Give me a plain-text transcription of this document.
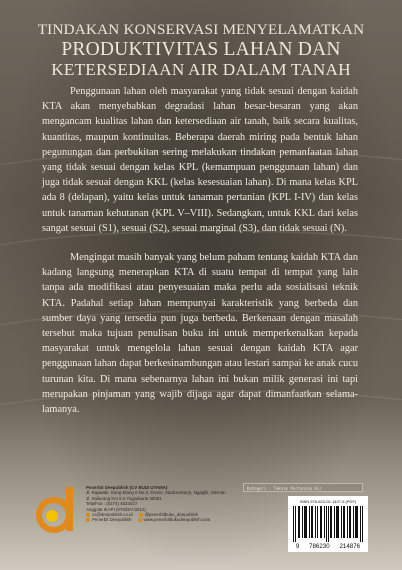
TINDAKAN KONSERVASI MENYELAMATKAN
PRODUKTIVITAS LAHAN DAN
KETERSEDIAAN AIR DALAM TANAH

Penggunaan lahan oleh masyarakat yang tidak sesuai dengan kaidah KTA akan menyebabkan degradasi lahan besar-besaran yang akan mengancam kualitas lahan dan ketersediaan air tanah, baik secara kualitas, kuantitas, maupun kontinuitas. Beberapa daerah miring pada bentuk lahan pegunungan dan perbukitan sering melakukan tindakan pemanfaatan lahan yang tidak sesuai dengan kelas KPL (kemampuan penggunaan lahan) dan juga tidak sesuai dengan KKL (kelas kesesuaian lahan). Di mana kelas KPL ada 8 (delapan), yaitu kelas untuk tanaman pertanian (KPL I-IV) dan kelas untuk tanaman kehutanan (KPL V–VIII). Sedangkan, untuk KKL dari kelas sangat sesuai (S1), sesuai (S2), sesuai marginal (S3), dan tidak sesuai (N).

Mengingat masih banyak yang belum paham tentang kaidah KTA dan kadang langsung menerapkan KTA di suatu tempat di tempat yang lain tanpa ada modifikasi atau penyesuaian maka perlu ada sosialisasi teknik KTA. Padahal setiap lahan mempunyai karakteristik yang berbeda dan sumber daya yang tersedia pun juga berbeda. Berkenaan dengan masalah tersebut maka tujuan penulisan buku ini untuk memperkenalkan kepada masyarakat untuk mengelola lahan sesuai dengan kaidah KTA agar penggunaan lahan dapat berkesinambungan atau lestari sampai ke anak cucu turunan kita. Di mana sebenarnya lahan ini bukan milik generasi ini tapi merupakan pinjaman yang wajib dijaga agar dapat dimanfaatkan selama-lamanya.

Kategori : Teknik Pertanian Air
Penerbit Deepublish (CV BUDI UTAMA)
Jl. Rajawali, Gang Elang 6 No.3, Drono, Sardonoharjo, Ngaglik, Sleman
Jl. Kaliurang Km 9,3 Yogyakarta 55581
Telp/Fax : (0274) 4533427
Anggota IKAPI (076/DIY/2012)
cs@deepublish.co.id	@penerbitbuku_deepublish
Penerbit Deepublish	www.penerbitbukudeepublish.com
ISBN 978-623-02-1407-5 (PDF)
9 786230 214876
